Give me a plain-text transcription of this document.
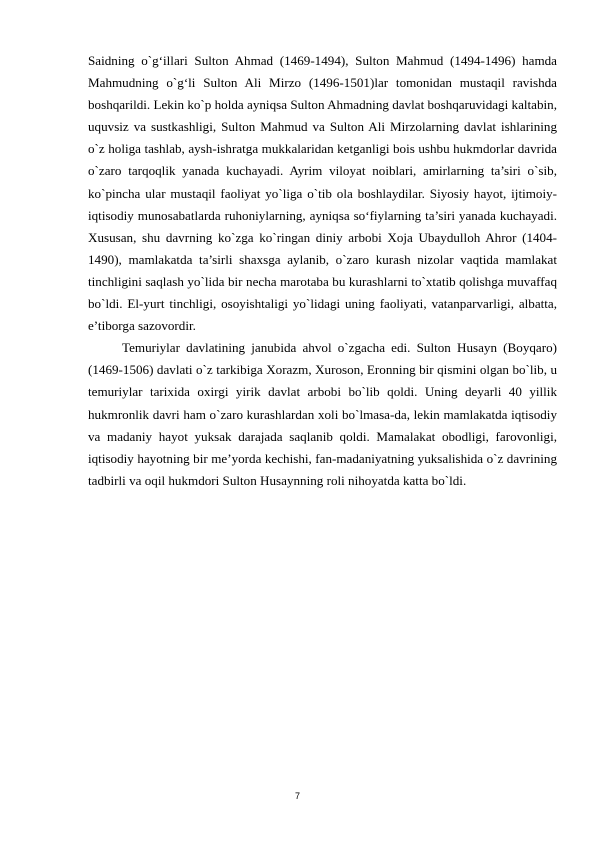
Saidning o`g‘illari Sulton Ahmad (1469-1494), Sulton Mahmud (1494-1496) hamda Mahmudning o`g‘li Sulton Ali Mirzo (1496-1501)lar tomonidan mustaqil ravishda boshqarildi. Lekin ko`p holda ayniqsa Sulton Ahmadning davlat boshqaruvidagi kaltabin, uquvsiz va sustkashligi, Sulton Mahmud va Sulton Ali Mirzolarning davlat ishlarining o`z holiga tashlab, aysh-ishratga mukkalaridan ketganligi bois ushbu hukmdorlar davrida o`zaro tarqoqlik yanada kuchayadi. Ayrim viloyat noiblari, amirlarning ta’siri o`sib, ko`pincha ular mustaqil faoliyat yo`liga o`tib ola boshlaydilar. Siyosiy hayot, ijtimoiy-iqtisodiy munosabatlarda ruhoniylarning, ayniqsa so‘fiylarning ta’siri yanada kuchayadi. Xususan, shu davrning ko`zga ko`ringan diniy arbobi Xoja Ubaydulloh Ahror (1404-1490), mamlakatda ta’sirli shaxsga aylanib, o`zaro kurash nizolar vaqtida mamlakat tinchligini saqlash yo`lida bir necha marotaba bu kurashlarni to`xtatib qolishga muvaffaq bo`ldi. El-yurt tinchligi, osoyishtaligi yo`lidagi uning faoliyati, vatanparvarligi, albatta, e’tiborga sazovordir.

Temuriylar davlatining janubida ahvol o`zgacha edi. Sulton Husayn (Boyqaro) (1469-1506) davlati o`z tarkibiga Xorazm, Xuroson, Eronning bir qismini olgan bo`lib, u temuriylar tarixida oxirgi yirik davlat arbobi bo`lib qoldi. Uning deyarli 40 yillik hukmronlik davri ham o`zaro kurashlardan xoli bo`lmasa-da, lekin mamlakatda iqtisodiy va madaniy hayot yuksak darajada saqlanib qoldi. Mamalakat obodligi, farovonligi, iqtisodiy hayotning bir me’yorda kechishi, fan-madaniyatning yuksalishida o`z davrining tadbirli va oqil hukmdori Sulton Husaynning roli nihoyatda katta bo`ldi.

7
